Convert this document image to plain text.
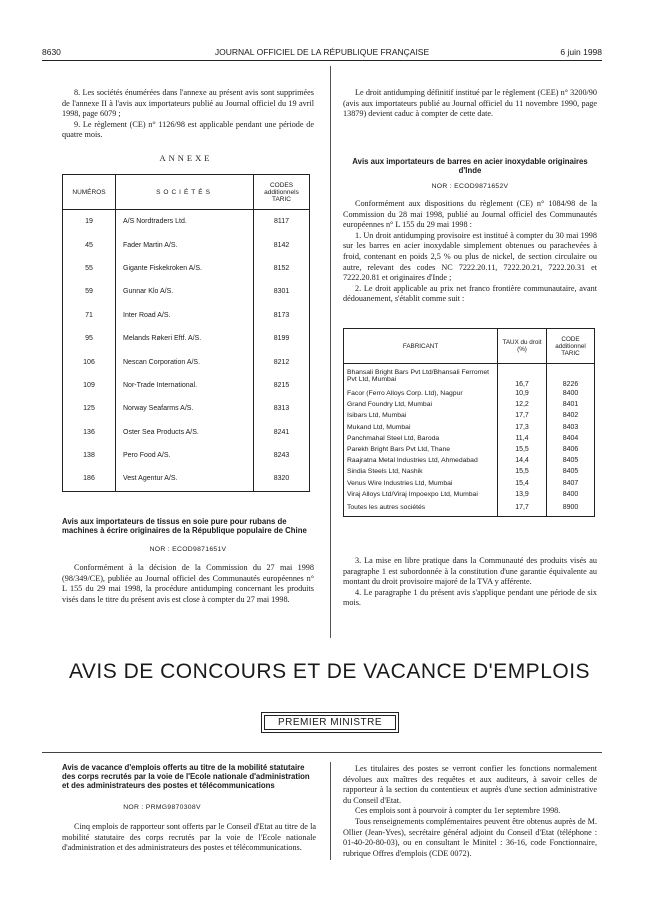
8630	JOURNAL OFFICIEL DE LA RÉPUBLIQUE FRANÇAISE	6 juin 1998

8. Les sociétés énumérées dans l'annexe au présent avis sont supprimées de l'annexe II à l'avis aux importateurs publié au Journal officiel du 19 avril 1998, page 6079 ;

9. Le règlement (CE) n° 1126/98 est applicable pendant une période de quatre mois.

ANNEXE
NUMÉROS	SOCIÉTÉS	CODES additionnels TARIC
19	A/S Nordtraders Ltd.	8117
45	Fader Martin A/S.	8142
55	Gigante Fiskekroken A/S.	8152
59	Gunnar Klo A/S.	8301
71	Inter Road A/S.	8173
95	Melands Røkeri Eftf. A/S.	8199
106	Nescan Corporation A/S.	8212
109	Nor-Trade International.	8215
125	Norway Seafarms A/S.	8313
136	Oster Sea Products A/S.	8241
138	Pero Food A/S.	8243
186	Vest Agentur A/S.	8320
Avis aux importateurs de tissus en soie pure pour rubans de machines à écrire originaires de la République populaire de Chine
NOR : ECOD9871651V

Conformément à la décision de la Commission du 27 mai 1998 (98/349/CE), publiée au Journal officiel des Communautés européennes n° L 155 du 29 mai 1998, la procédure antidumping concernant les produits visés dans le titre du présent avis est close à compter du 27 mai 1998.

Le droit antidumping définitif institué par le règlement (CEE) n° 3200/90 (avis aux importateurs publié au Journal officiel du 11 novembre 1990, page 13879) devient caduc à compter de cette date.

Avis aux importateurs de barres en acier inoxydable originaires d'Inde
NOR : ECOD9871652V

Conformément aux dispositions du règlement (CE) n° 1084/98 de la Commission du 28 mai 1998, publié au Journal officiel des Communautés européennes n° L 155 du 29 mai 1998 :

1. Un droit antidumping provisoire est institué à compter du 30 mai 1998 sur les barres en acier inoxydable simplement obtenues ou parachevées à froid, contenant en poids 2,5 % ou plus de nickel, de section circulaire ou autre, relevant des codes NC 7222.20.11, 7222.20.21, 7222.20.31 et 7222.20.81 et originaires d'Inde ;

2. Le droit applicable au prix net franco frontière communautaire, avant dédouanement, s'établit comme suit :

FABRICANT	TAUX du droit (%)	CODE additionnel TARIC
Bhansali Bright Bars Pvt Ltd/Bhansali Ferromet Pvt Ltd, Mumbai	16,7	8226
Facor (Ferro Alloys Corp. Ltd), Nagpur	10,9	8400
Grand Foundry Ltd, Mumbai	12,2	8401
Isibars Ltd, Mumbai	17,7	8402
Mukand Ltd, Mumbai	17,3	8403
Panchmahal Steel Ltd, Baroda	11,4	8404
Parekh Bright Bars Pvt Ltd, Thane	15,5	8406
Raajratna Metal Industries Ltd, Ahmedabad	14,4	8405
Sindia Steels Ltd, Nashik	15,5	8405
Venus Wire Industries Ltd, Mumbai	15,4	8407
Viraj Alloys Ltd/Viraj Impoexpo Ltd, Mumbai	13,9	8400
Toutes les autres sociétés	17,7	8900

3. La mise en libre pratique dans la Communauté des produits visés au paragraphe 1 est subordonnée à la constitution d'une garantie équivalente au montant du droit provisoire majoré de la TVA y afférente.

4. Le paragraphe 1 du présent avis s'applique pendant une période de six mois.

AVIS DE CONCOURS ET DE VACANCE D'EMPLOIS
PREMIER MINISTRE
Avis de vacance d'emplois offerts au titre de la mobilité statutaire des corps recrutés par la voie de l'Ecole nationale d'administration et des administrateurs des postes et télécommunications
NOR : PRMG9870308V

Cinq emplois de rapporteur sont offerts par le Conseil d'Etat au titre de la mobilité statutaire des corps recrutés par la voie de l'Ecole nationale d'administration et des administrateurs des postes et télécommunications.

Les titulaires des postes se verront confier les fonctions normalement dévolues aux maîtres des requêtes et aux auditeurs, à savoir celles de rapporteur à la section du contentieux et auprès d'une section administrative du Conseil d'Etat.

Ces emplois sont à pourvoir à compter du 1er septembre 1998.

Tous renseignements complémentaires peuvent être obtenus auprès de M. Ollier (Jean-Yves), secrétaire général adjoint du Conseil d'Etat (téléphone : 01-40-20-80-03), ou en consultant le Minitel : 36-16, code Fonctionnaire, rubrique Offres d'emplois (CDE 0072).
